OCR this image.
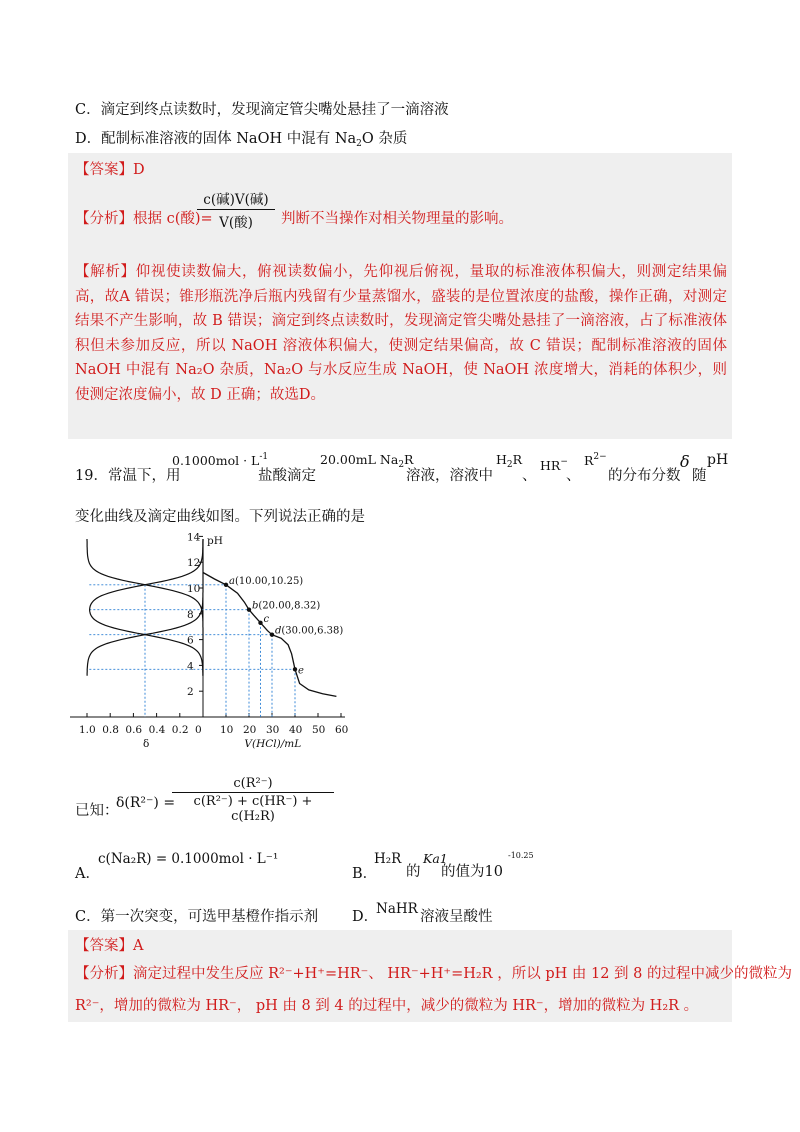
C．滴定到终点读数时，发现滴定管尖嘴处悬挂了一滴溶液
D．配制标准溶液的固体 NaOH 中混有 $Na_2O$ 杂质
【答案】D
【分析】根据 c(酸)=
c(碱)V(碱)
V(酸)	判断不当操作对相关物理量的影响。
【解析】仰视使读数偏大，俯视读数偏小，先仰视后俯视，量取的标准液体积偏大，则测定结果偏高，故A 错误；锥形瓶洗净后瓶内残留有少量蒸馏水，盛装的是位置浓度的盐酸，操作正确，对测定结果不产生影响，故 B 错误；滴定到终点读数时，发现滴定管尖嘴处悬挂了一滴溶液，占了标准液体积但未参加反应，所以 NaOH 溶液体积偏大，使测定结果偏高，故 C 错误；配制标准溶液的固体 NaOH 中混有 Na₂O 杂质，Na₂O 与水反应生成 NaOH，使 NaOH 浓度增大，消耗的体积少，则使测定浓度偏小，故 D 正确；故选D。
19．常温下，用
$0.1000mol \cdot L^{-1}$
盐酸滴定
20.00mL $Na_2R$
溶液，溶液中
$H_2R$
、
HR−
、
$R^{2-}$
的分布分数
δ
随
pH
变化曲线及滴定曲线如图。下列说法正确的是
pH
2
4
6
8
10
12
14
1.0 0.8 0.6 0.4 0.2 0
δ
10 20 30 40 50 60
V(HCl)/mL
a(10.00,10.25)
b(20.00,8.32)
c
d(30.00,6.38)
e
已知：
δ(R²⁻) =
$\frac{\text{c(R²⁻)}}{\text{c(R²⁻) + c(HR⁻) + c(H₂R)}}$
A．
c(Na₂R) = 0.1000mol · L⁻¹
B．
H₂R
的
Ka1
的值为10
-10.25
C．第一次突变，可选甲基橙作指示剂 D．
NaHR 溶液呈酸性
【答案】A
【分析】滴定过程中发生反应 R²⁻+H⁺=HR⁻、 HR⁻+H⁺=H₂R ，所以 pH 由 12 到 8 的过程中减少的微粒为
R²⁻，增加的微粒为 HR⁻， pH 由 8 到 4 的过程中，减少的微粒为 HR⁻，增加的微粒为 H₂R 。
